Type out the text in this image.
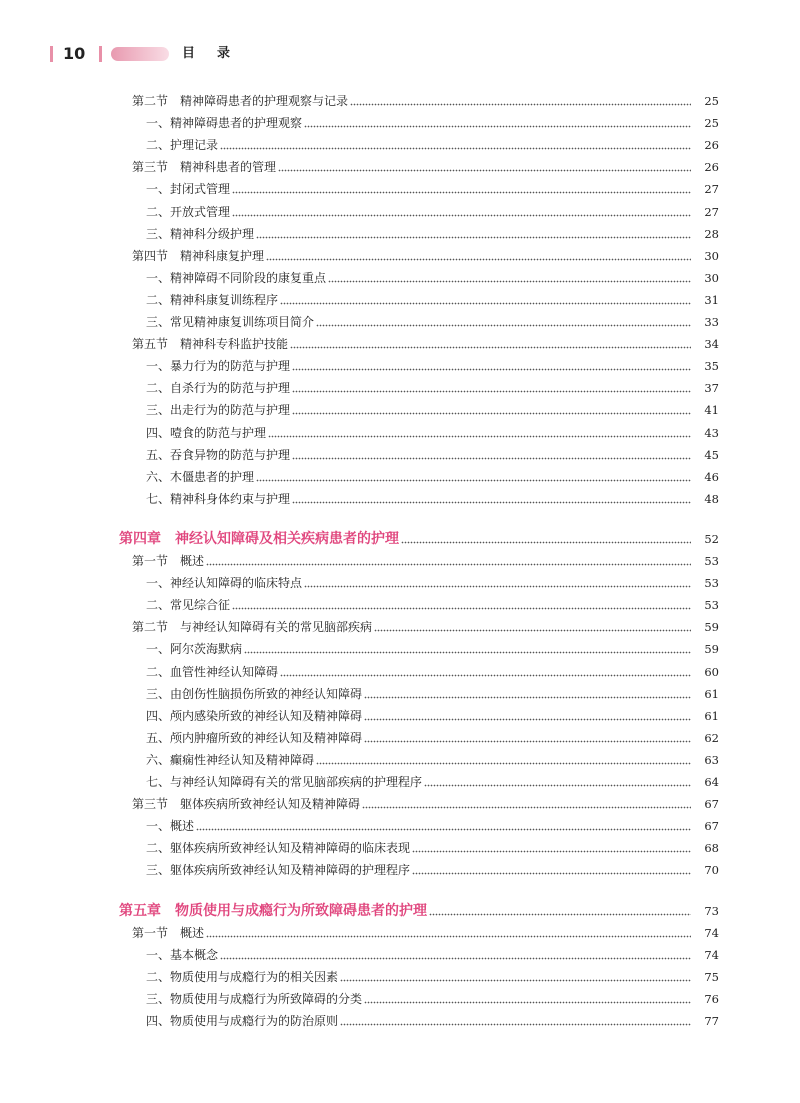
10	目录
第二节　精神障碍患者的护理观察与记录	25
一、精神障碍患者的护理观察	25
二、护理记录	26
第三节　精神科患者的管理	26
一、封闭式管理	27
二、开放式管理	27
三、精神科分级护理	28
第四节　精神科康复护理	30
一、精神障碍不同阶段的康复重点	30
二、精神科康复训练程序	31
三、常见精神康复训练项目简介	33
第五节　精神科专科监护技能	34
一、暴力行为的防范与护理	35
二、自杀行为的防范与护理	37
三、出走行为的防范与护理	41
四、噎食的防范与护理	43
五、吞食异物的防范与护理	45
六、木僵患者的护理	46
七、精神科身体约束与护理	48
第四章　神经认知障碍及相关疾病患者的护理	52
第一节　概述	53
一、神经认知障碍的临床特点	53
二、常见综合征	53
第二节　与神经认知障碍有关的常见脑部疾病	59
一、阿尔茨海默病	59
二、血管性神经认知障碍	60
三、由创伤性脑损伤所致的神经认知障碍	61
四、颅内感染所致的神经认知及精神障碍	61
五、颅内肿瘤所致的神经认知及精神障碍	62
六、癫痫性神经认知及精神障碍	63
七、与神经认知障碍有关的常见脑部疾病的护理程序	64
第三节　躯体疾病所致神经认知及精神障碍	67
一、概述	67
二、躯体疾病所致神经认知及精神障碍的临床表现	68
三、躯体疾病所致神经认知及精神障碍的护理程序	70
第五章　物质使用与成瘾行为所致障碍患者的护理	73
第一节　概述	74
一、基本概念	74
二、物质使用与成瘾行为的相关因素	75
三、物质使用与成瘾行为所致障碍的分类	76
四、物质使用与成瘾行为的防治原则	77
